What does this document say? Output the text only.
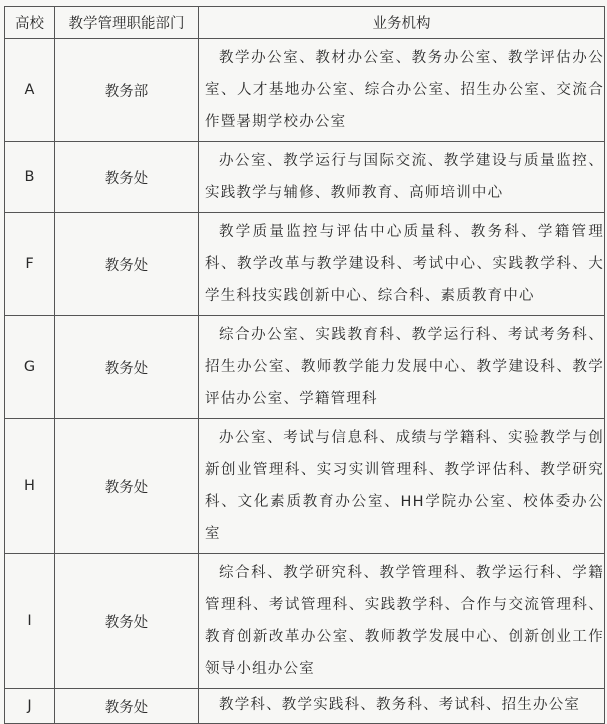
高校	教学管理职能部门	业务机构
A	教务部	教学办公室、教材办公室、教务办公室、教学评估办公室、人才基地办公室、综合办公室、招生办公室、交流合作暨暑期学校办公室

B	教务处	办公室、教学运行与国际交流、教学建设与质量监控、实践教学与辅修、教师教育、高师培训中心

F	教务处	教学质量监控与评估中心质量科、教务科、学籍管理科、教学改革与教学建设科、考试中心、实践教学科、大学生科技实践创新中心、综合科、素质教育中心

G	教务处	综合办公室、实践教育科、教学运行科、考试考务科、招生办公室、教师教学能力发展中心、教学建设科、教学评估办公室、学籍管理科

H	教务处	办公室、考试与信息科、成绩与学籍科、实验教学与创新创业管理科、实习实训管理科、教学评估科、教学研究科、文化素质教育办公室、HH学院办公室、校体委办公室

I	教务处	综合科、教学研究科、教学管理科、教学运行科、学籍管理科、考试管理科、实践教学科、合作与交流管理科、教育创新改革办公室、教师教学发展中心、创新创业工作领导小组办公室

J	教务处	教学科、教学实践科、教务科、考试科、招生办公室
